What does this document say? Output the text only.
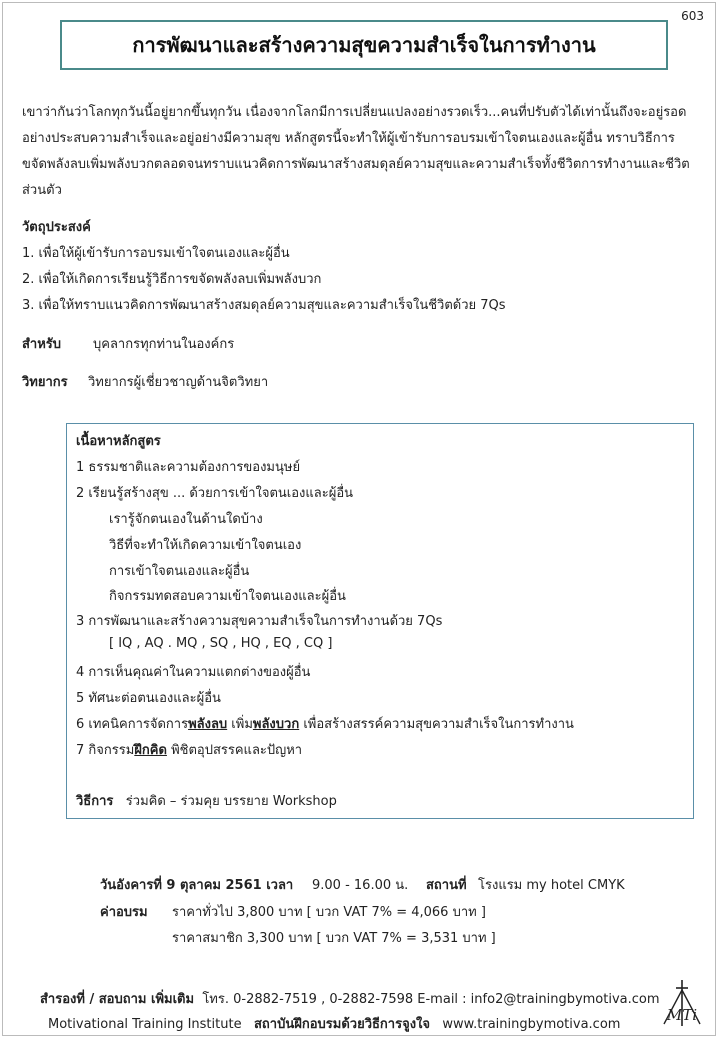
603
การพัฒนาและสร้างความสุขความสำเร็จในการทำงาน
เขาว่ากันว่าโลกทุกวันนี้อยู่ยากขึ้นทุกวัน เนื่องจากโลกมีการเปลี่ยนแปลงอย่างรวดเร็ว...คนที่ปรับตัวได้เท่านั้นถึงจะอยู่รอด อย่างประสบความสำเร็จและอยู่อย่างมีความสุข หลักสูตรนี้จะทำให้ผู้เข้ารับการอบรมเข้าใจตนเองและผู้อื่น ทราบวิธีการขจัดพลังลบเพิ่มพลังบวกตลอดจนทราบแนวคิดการพัฒนาสร้างสมดุลย์ความสุขและความสำเร็จทั้งชีวิตการทำงานและชีวิตส่วนตัว
วัตถุประสงค์
1. เพื่อให้ผู้เข้ารับการอบรมเข้าใจตนเองและผู้อื่น
2. เพื่อให้เกิดการเรียนรู้วิธีการขจัดพลังลบเพิ่มพลังบวก
3. เพื่อให้ทราบแนวคิดการพัฒนาสร้างสมดุลย์ความสุขและความสำเร็จในชีวิตด้วย 7Qs
สำหรับ บุคลากรทุกท่านในองค์กร
วิทยากร วิทยากรผู้เชี่ยวชาญด้านจิตวิทยา
เนื้อหาหลักสูตร
1 ธรรมชาติและความต้องการของมนุษย์
2 เรียนรู้สร้างสุข ... ด้วยการเข้าใจตนเองและผู้อื่น
เรารู้จักตนเองในด้านใดบ้าง
วิธีที่จะทำให้เกิดความเข้าใจตนเอง
การเข้าใจตนเองและผู้อื่น
กิจกรรมทดสอบความเข้าใจตนเองและผู้อื่น
3 การพัฒนาและสร้างความสุขความสำเร็จในการทำงานด้วย 7Qs
[ IQ , AQ . MQ , SQ , HQ , EQ , CQ ]
4 การเห็นคุณค่าในความแตกต่างของผู้อื่น
5 ทัศนะต่อตนเองและผู้อื่น
6 เทคนิคการจัดการพลังลบ เพิ่มพลังบวก เพื่อสร้างสรรค์ความสุขความสำเร็จในการทำงาน
7 กิจกรรมฝึกคิด พิชิตอุปสรรคและปัญหา
วิธีการ ร่วมคิด – ร่วมคุย บรรยาย Workshop
วันอังคารที่ 9 ตุลาคม 2561 เวลา 9.00 - 16.00 น. สถานที่ โรงแรม my hotel CMYK
ค่าอบรม ราคาทั่วไป 3,800 บาท [ บวก VAT 7% = 4,066 บาท ]
ราคาสมาชิก 3,300 บาท [ บวก VAT 7% = 3,531 บาท ]
สำรองที่ / สอบถาม เพิ่มเติม โทร. 0-2882-7519 , 0-2882-7598 E-mail : info2@trainingbymotiva.com
Motivational Training Institute สถาบันฝึกอบรมด้วยวิธีการจูงใจ www.trainingbymotiva.com
MTi
